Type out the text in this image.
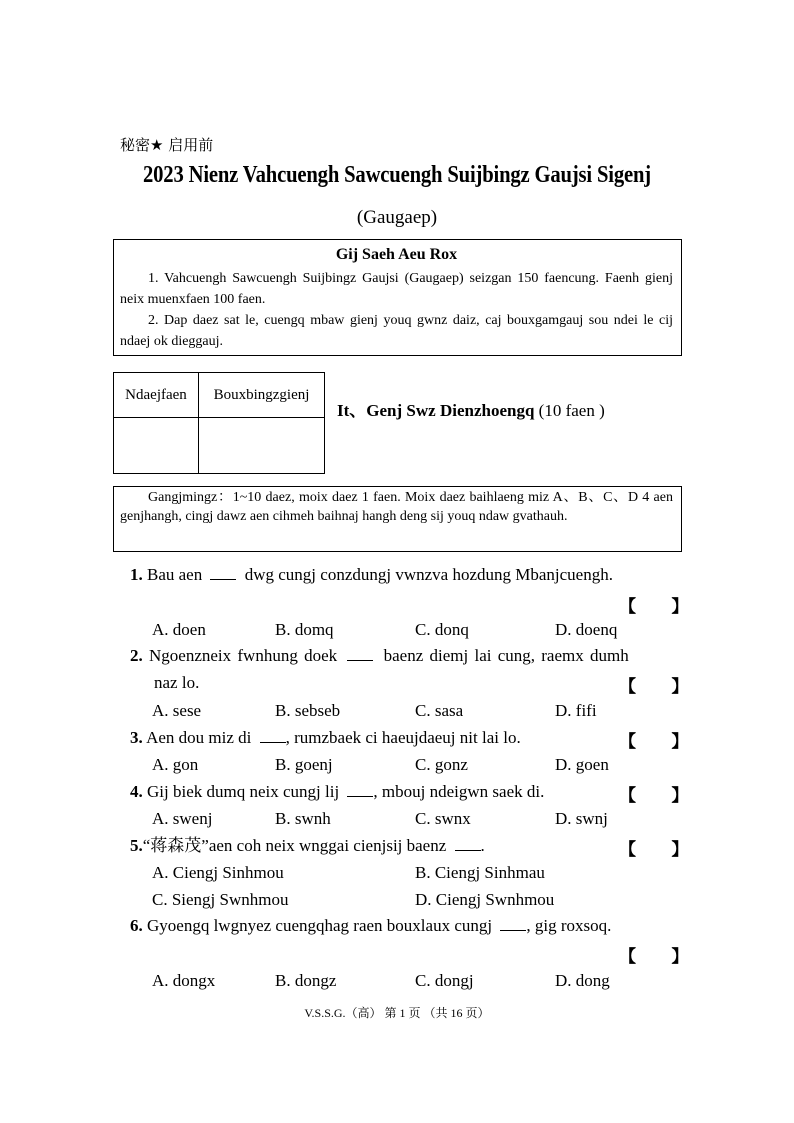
秘密★ 启用前
2023 Nienz Vahcuengh Sawcuengh Suijbingz Gaujsi Sigenj
(Gaugaep)
Gij Saeh Aeu Rox

1. Vahcuengh Sawcuengh Suijbingz Gaujsi (Gaugaep) seizgan 150 faencung. Faenh gienj neix muenxfaen 100 faen.

2. Dap daez sat le, cuengq mbaw gienj youq gwnz daiz, caj bouxgamgauj sou ndei le cij ndaej ok dieggauj.

Ndaejfaen	Bouxbingzgienj

It、Genj Swz Dienzhoengq (10 faen )

Gangjmingz：1~10 daez, moix daez 1 faen. Moix daez baihlaeng miz A、B、C、D 4 aen genjhangh, cingj dawz aen cihmeh baihnaj hangh deng sij youq ndaw gvathauh.

1. Bau aen	dwg cungj conzdungj vwnzva hozdung Mbanjcuengh.
【      】
A. doen	B. domq	C. donq	D. doenq
2. Ngoenzneix fwnhung doek	baenz diemj lai cung, raemx dumh
naz lo.	【      】
A. sese	B. sebseb	C. sasa	D. fifi
3. Aen dou miz di , rumzbaek ci haeujdaeuj nit lai lo.	【      】
A. gon	B. goenj	C. gonz	D. goen
4. Gij biek dumq neix cungj lij , mbouj ndeigwn saek di.	【      】
A. swenj	B. swnh	C. swnx	D. swnj
5.“蒋森茂”aen coh neix wnggai cienjsij baenz .	【      】
A. Ciengj Sinhmou	B. Ciengj Sinhmau
C. Siengj Swnhmou	D. Ciengj Swnhmou
6. Gyoengq lwgnyez cuengqhag raen bouxlaux cungj , gig roxsoq.
【      】
A. dongx	B. dongz	C. dongj	D. dong
V.S.S.G.（高） 第 1 页 （共 16 页）
